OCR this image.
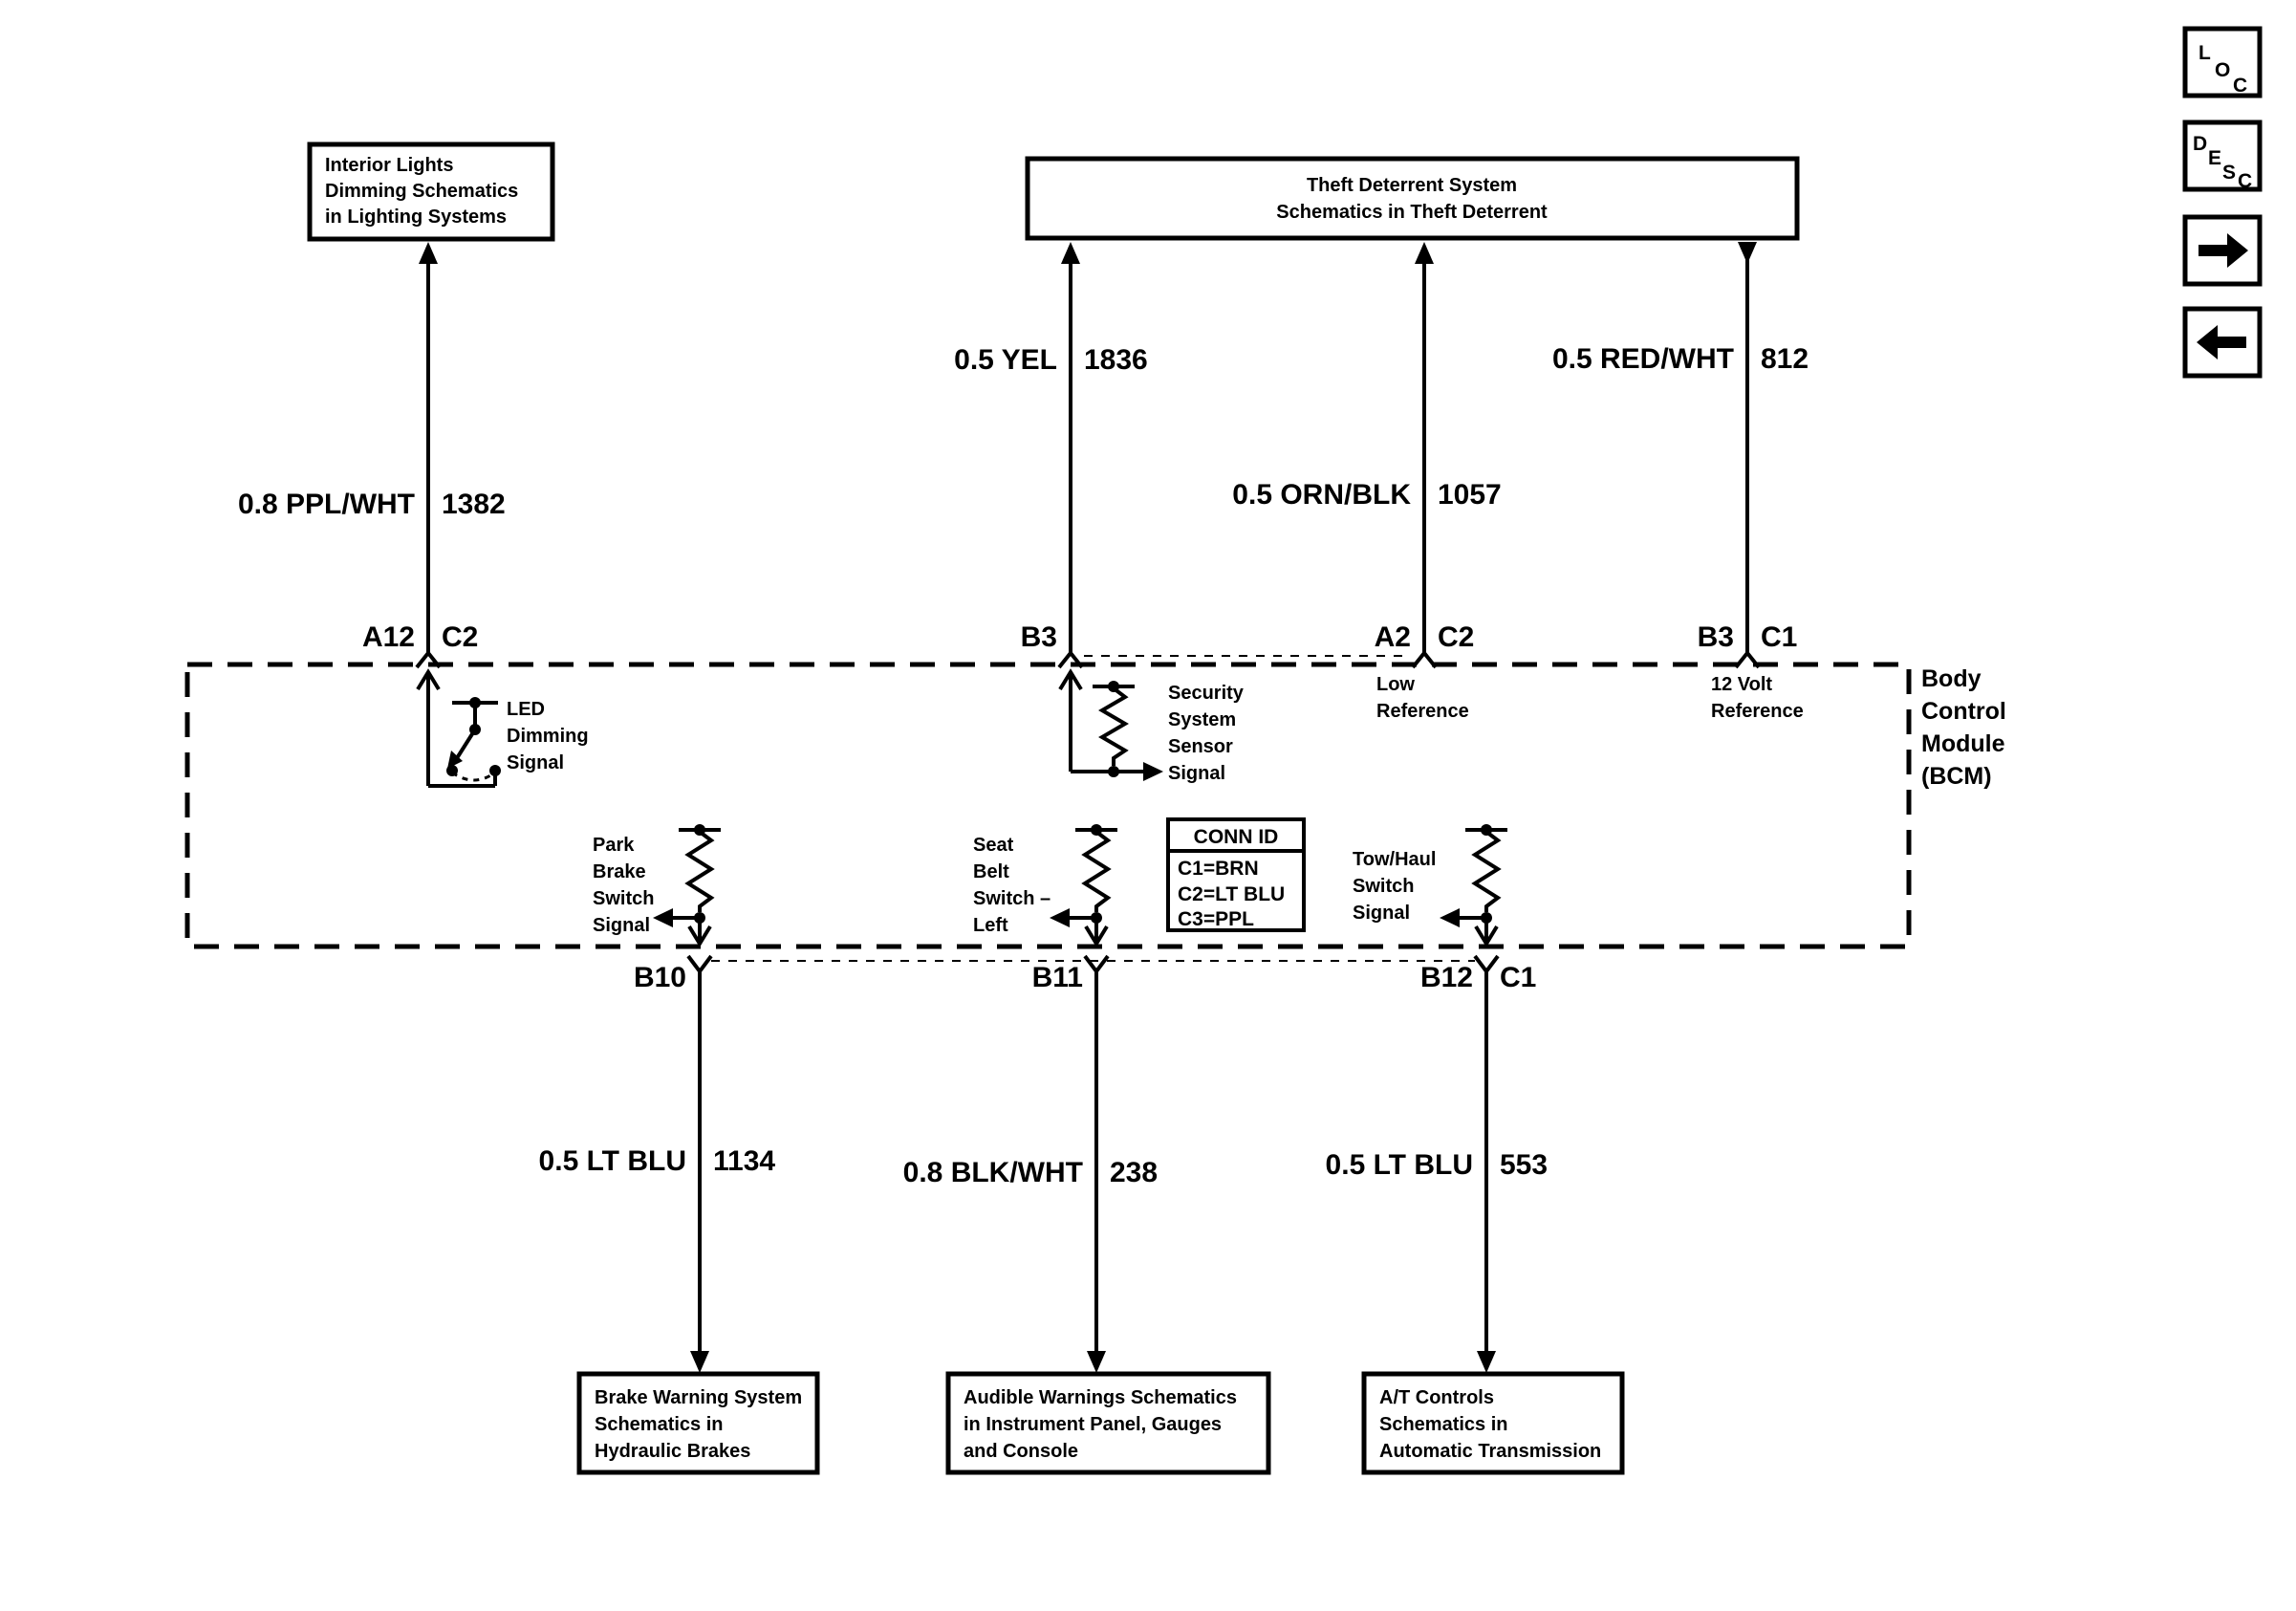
Interior Lights
Dimming Schematics
in Lighting Systems
Theft Deterrent System
Schematics in Theft Deterrent
0.8 PPL/WHT 1382
A12 C2
0.5 YEL 1836
B3
0.5 ORN/BLK 1057
A2 C2
0.5 RED/WHT 812
B3 C1
Body
Control
Module
(BCM)
LED
Dimming
Signal
Security
System
Sensor
Signal
Low
Reference
12 Volt
Reference
Park
Brake
Switch
Signal
Seat
Belt
Switch –
Left
Tow/Haul
Switch
Signal
CONN ID
C1=BRN
C2=LT BLU
C3=PPL
B10
0.5 LT BLU 1134
B11
0.8 BLK/WHT 238
B12 C1
0.5 LT BLU 553
Brake Warning System
Schematics in
Hydraulic Brakes
Audible Warnings Schematics
in Instrument Panel, Gauges
and Console
A/T Controls
Schematics in
Automatic Transmission
L
O
C
D
E
S C
